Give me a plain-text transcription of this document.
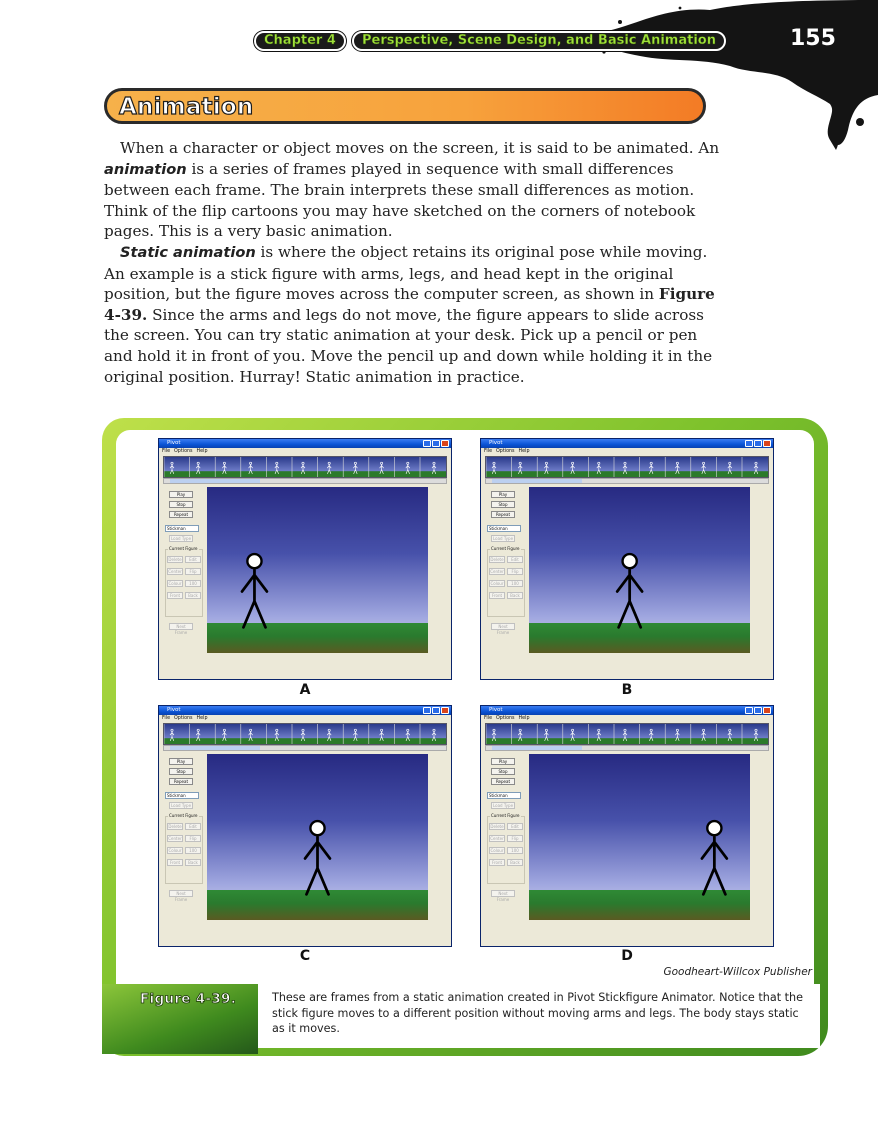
Chapter 4	Perspective, Scene Design, and Basic Animation	155
Animation

When a character or object moves on the screen, it is said to be animated. An animation is a series of frames played in sequence with small differences between each frame. The brain interprets these small differences as motion. Think of the flip cartoons you may have sketched on the corners of notebook pages. This is a very basic animation.

Static animation is where the object retains its original pose while moving. An example is a stick figure with arms, legs, and head kept in the original position, but the figure moves across the computer screen, as shown in Figure 4-39. Since the arms and legs do not move, the figure appears to slide across the screen. You can try static animation at your desk. Pick up a pencil or pen and hold it in front of you. Move the pencil up and down while holding it in the original position. Hurray! Static animation in practice.

Figure 4-39.	These are frames from a static animation created in Pivot Stickfigure Animator. Notice that the stick figure moves to a different position without moving arms and legs. The body stays static as it moves.
Goodheart-Willcox Publisher
Pivot
File Options Help
Play
Stop
Repeat
Stickman
Load Type
Current Figure
Delete	Edit
Center	Flip
Colour	100
Front	Back
Next Frame
A
Pivot
File Options Help
Play
Stop
Repeat
Stickman
Load Type
Current Figure
Delete	Edit
Center	Flip
Colour	100
Front	Back
Next Frame
B
Pivot
File Options Help
Play
Stop
Repeat
Stickman
Load Type
Current Figure
Delete	Edit
Center	Flip
Colour	100
Front	Back
Next Frame
C
Pivot
File Options Help
Play
Stop
Repeat
Stickman
Load Type
Current Figure
Delete	Edit
Center	Flip
Colour	100
Front	Back
Next Frame
D
